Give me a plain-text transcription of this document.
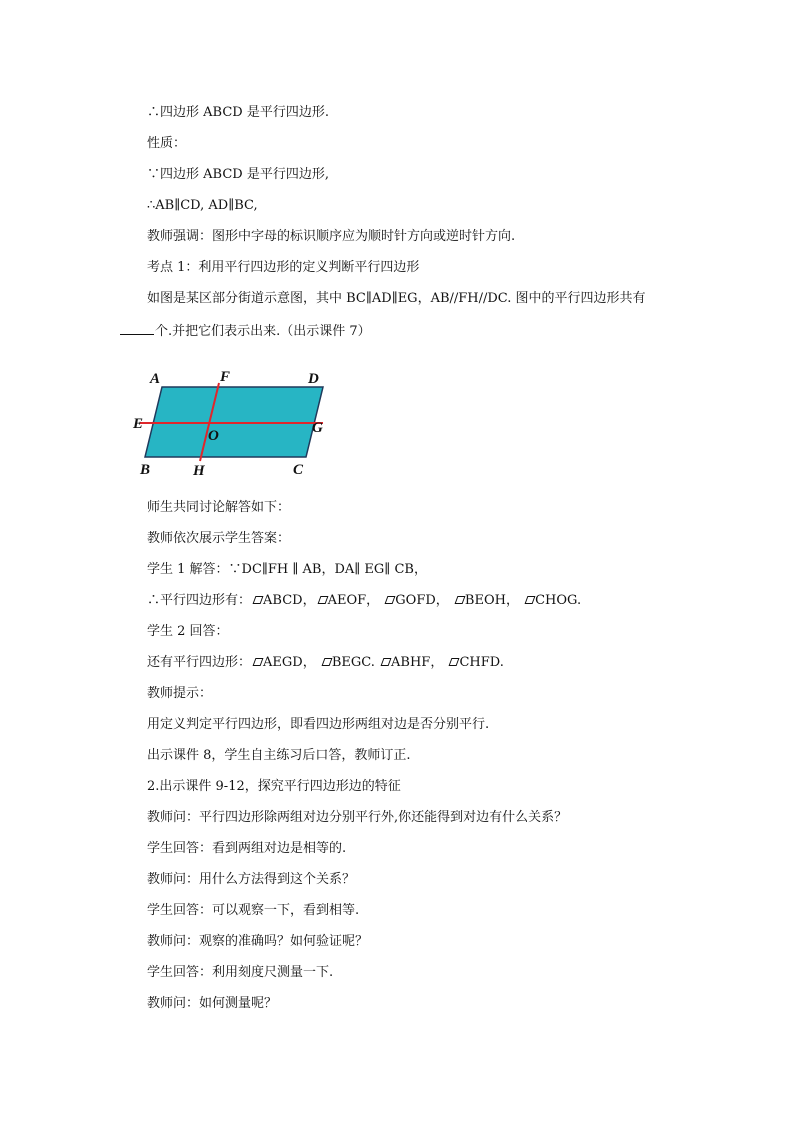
∴四边形 ABCD 是平行四边形.
性质：
∵四边形 ABCD 是平行四边形,
∴AB∥CD, AD∥BC,
教师强调：图形中字母的标识顺序应为顺时针方向或逆时针方向.
考点 1：利用平行四边形的定义判断平行四边形
如图是某区部分街道示意图，其中 BC∥AD∥EG，AB//FH//DC. 图中的平行四边形共有
个.并把它们表示出来.（出示课件 7）
A	F	D
E
O	G
B	H	C
师生共同讨论解答如下：
教师依次展示学生答案：
学生 1 解答：∵DC∥FH ∥ AB，DA∥ EG∥ CB，
∴平行四边形有： ABCD， AEOF， GOFD， BEOH， CHOG.
学生 2 回答：
还有平行四边形： AEGD， BEGC. ABHF， CHFD.
教师提示：
用定义判定平行四边形，即看四边形两组对边是否分别平行.
出示课件 8，学生自主练习后口答，教师订正.
2.出示课件 9-12，探究平行四边形边的特征
教师问：平行四边形除两组对边分别平行外,你还能得到对边有什么关系？
学生回答：看到两组对边是相等的.
教师问：用什么方法得到这个关系？
学生回答：可以观察一下，看到相等.
教师问：观察的准确吗？如何验证呢？
学生回答：利用刻度尺测量一下.
教师问：如何测量呢？
